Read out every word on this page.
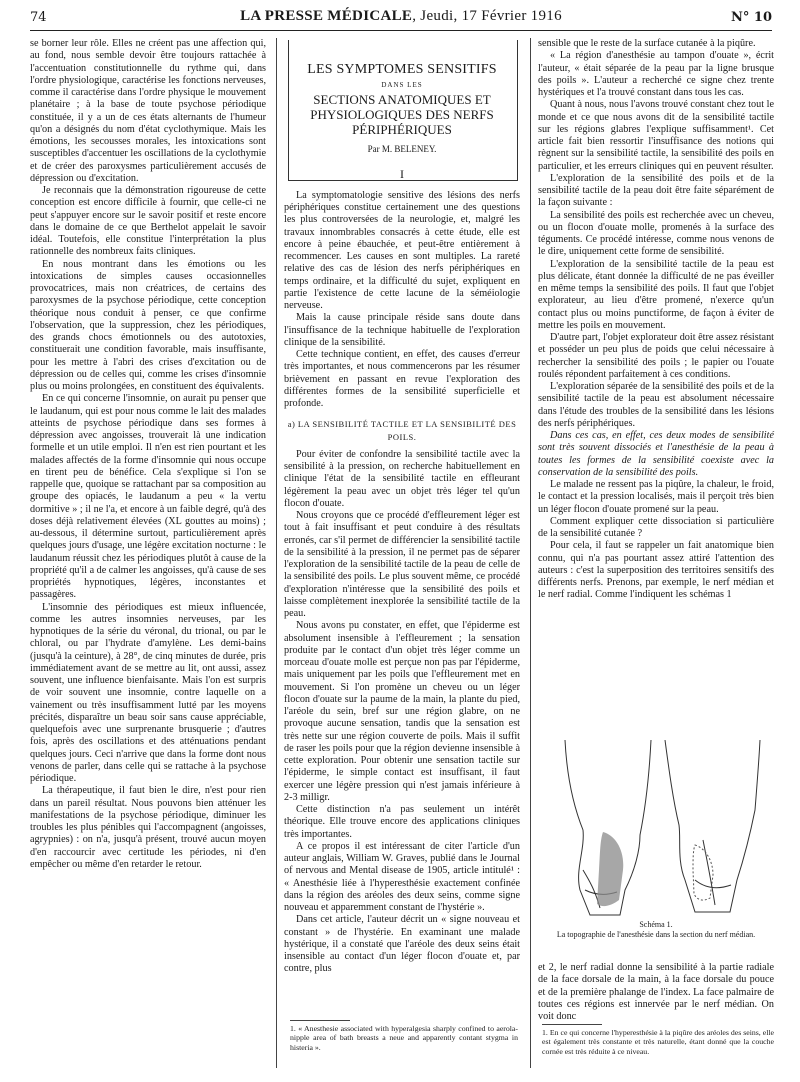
74	LA PRESSE MÉDICALE, Jeudi, 17 Février 1916	N° 10

se borner leur rôle. Elles ne créent pas une affection qui, au fond, nous semble devoir être toujours rattachée à l'accentuation constitutionnelle du rythme qui, dans l'ordre physiologique, caractérise les fonctions nerveuses, comme il caractérise dans l'ordre physique le mouvement planétaire ; à la base de toute psychose périodique constituée, il y a un de ces états alternants de l'humeur qu'on a désignés du nom d'état cyclothymique. Mais les émotions, les secousses morales, les intoxications sont susceptibles d'accentuer les oscillations de la cyclothymie et de créer des paroxysmes particulièrement accusés de dépression ou d'excitation.

Je reconnais que la démonstration rigoureuse de cette conception est encore difficile à fournir, que celle-ci ne peut s'appuyer encore sur le savoir positif et reste encore dans le domaine de ce que Berthelot appelait le savoir idéal. Toutefois, elle constitue l'interprétation la plus rationnelle des nombreux faits cliniques.

En nous montrant dans les émotions ou les intoxications de simples causes occasionnelles provocatrices, mais non créatrices, de certains des paroxysmes de la psychose périodique, cette conception théorique nous conduit à penser, ce que confirme l'observation, que la suppression, chez les périodiques, des grands chocs émotionnels ou des autotoxies, constituerait une condition favorable, mais insuffisante, pour les mettre à l'abri des crises d'excitation ou de dépression ou de celles qui, comme les crises d'insomnie plus ou moins prolongées, en constituent des équivalents.

En ce qui concerne l'insomnie, on aurait pu penser que le laudanum, qui est pour nous comme le lait des malades atteints de psychose périodique dans ses formes à dépression avec angoisses, trouverait là une indication formelle et un utile emploi. Il n'en est rien pourtant et les malades affectés de la forme d'insomnie qui nous occupe en tirent peu de bénéfice. Cela s'explique si l'on se rappelle que, quoique se rattachant par sa composition au groupe des opiacés, le laudanum a peu « la vertu dormitive » ; il ne l'a, et encore à un faible degré, qu'à des doses déjà relativement élevées (XL gouttes au moins) ; au-dessous, il détermine surtout, particulièrement après quelques jours d'usage, une légère excitation nocturne : le laudanum réussit chez les périodiques plutôt à cause de la propriété qu'il a de calmer les angoisses, qu'à cause de ses propriétés hypnotiques, légères, inconstantes et passagères.

L'insomnie des périodiques est mieux influencée, comme les autres insomnies nerveuses, par les hypnotiques de la série du véronal, du trional, ou par le chloral, ou par l'hydrate d'amylène. Les demi-bains (jusqu'à la ceinture), à 28°, de cinq minutes de durée, pris immédiatement avant de se mettre au lit, ont aussi, assez souvent, une influence bienfaisante. Mais l'on est surpris de voir souvent une insomnie, contre laquelle on a vainement ou très insuffisamment lutté par les moyens précités, disparaître un beau soir sans cause appréciable, quelquefois avec une surprenante brusquerie ; d'autres fois, après des oscillations et des atténuations pendant quelques jours. Ceci n'arrive que dans la forme dont nous venons de parler, dans celle qui se rattache à la psychose périodique.

La thérapeutique, il faut bien le dire, n'est pour rien dans un pareil résultat. Nous pouvons bien atténuer les manifestations de la psychose périodique, diminuer les troubles les plus pénibles qui l'accompagnent (angoisses, agrypnies) : on n'a, jusqu'à présent, trouvé aucun moyen d'en raccourcir avec certitude les périodes, ni d'en empêcher ou même d'en retarder le retour.

LES SYMPTOMES SENSITIFS

DANS LES

SECTIONS ANATOMIQUES ET PHYSIOLOGIQUES DES NERFS PÉRIPHÉRIQUES

Par M. BELENEY.

I

La symptomatologie sensitive des lésions des nerfs périphériques constitue certainement une des questions les plus controversées de la neurologie, et, malgré les travaux innombrables consacrés à cette étude, elle est encore à peine ébauchée, et peut-être entièrement à recommencer. Les causes en sont multiples. La rareté relative des cas de lésion des nerfs périphériques en temps ordinaire, et la difficulté du sujet, expliquent en partie l'existence de cette lacune de la séméiologie nerveuse.

Mais la cause principale réside sans doute dans l'insuffisance de la technique habituelle de l'exploration clinique de la sensibilité.

Cette technique contient, en effet, des causes d'erreur très importantes, et nous commencerons par les résumer brièvement en passant en revue l'exploration des différentes formes de la sensibilité superficielle et profonde.

a) LA SENSIBILITÉ TACTILE ET LA SENSIBILITÉ DES POILS.

Pour éviter de confondre la sensibilité tactile avec la sensibilité à la pression, on recherche habituellement en clinique l'état de la sensibilité tactile en effleurant légèrement la peau avec un objet très léger tel qu'un flocon d'ouate.

Nous croyons que ce procédé d'effleurement léger est tout à fait insuffisant et peut conduire à des résultats erronés, car s'il permet de différencier la sensibilité tactile de la sensibilité à la pression, il ne permet pas de séparer l'exploration de la sensibilité tactile de la peau de celle de la sensibilité des poils. Le plus souvent même, ce procédé d'exploration n'intéresse que la sensibilité des poils et laisse complètement inexplorée la sensibilité tactile de la peau.

Nous avons pu constater, en effet, que l'épiderme est absolument insensible à l'effleurement ; la sensation produite par le contact d'un objet très léger comme un morceau d'ouate molle est perçue non pas par l'épiderme, mais uniquement par les poils que l'effleurement met en mouvement. Si l'on promène un cheveu ou un léger flocon d'ouate sur la paume de la main, la plante du pied, l'aréole du sein, bref sur une région glabre, on ne provoque aucune sensation, tandis que la sensation est très nette sur une région couverte de poils. Mais il suffit de raser les poils pour que la région devienne insensible à cette exploration. Pour obtenir une sensation tactile sur l'épiderme, le simple contact est insuffisant, il faut exercer une légère pression qui n'est jamais inférieure à 2-3 milligr.

Cette distinction n'a pas seulement un intérêt théorique. Elle trouve encore des applications cliniques très importantes.

A ce propos il est intéressant de citer l'article d'un auteur anglais, William W. Graves, publié dans le Journal of nervous and Mental disease de 1905, article intitulé¹ : « Anesthésie liée à l'hyperesthésie exactement confinée dans la région des aréoles des deux seins, comme signe nouveau et apparemment constant de l'hystérie ».

Dans cet article, l'auteur décrit un « signe nouveau et constant » de l'hystérie. En examinant une malade hystérique, il a constaté que l'aréole des deux seins était insensible au contact d'un léger flocon d'ouate et, par contre, plus

1. « Anesthesie associated with hyperalgesia sharply confined to aerola-nipple area of bath breasts a neue and apparently contant stygma in histeria ».

sensible que le reste de la surface cutanée à la piqûre.

« La région d'anesthésie au tampon d'ouate », écrit l'auteur, « était séparée de la peau par la ligne brusque des poils ». L'auteur a recherché ce signe chez trente hystériques et l'a trouvé constant dans tous les cas.

Quant à nous, nous l'avons trouvé constant chez tout le monde et ce que nous avons dit de la sensibilité tactile sur les régions glabres l'explique suffisamment¹. Cet article fait bien ressortir l'insuffisance des notions qui règnent sur la sensibilité tactile, la sensibilité des poils en particulier, et les erreurs cliniques qui en peuvent résulter.

L'exploration de la sensibilité des poils et de la sensibilité tactile de la peau doit être faite séparément de la façon suivante :

La sensibilité des poils est recherchée avec un cheveu, ou un flocon d'ouate molle, promenés à la surface des téguments. Ce procédé intéresse, comme nous venons de le dire, uniquement cette forme de sensibilité.

L'exploration de la sensibilité tactile de la peau est plus délicate, étant donnée la difficulté de ne pas éveiller en même temps la sensibilité des poils. Il faut que l'objet explorateur, au lieu d'être promené, n'exerce qu'un contact plus ou moins punctiforme, de façon à éviter de mettre les poils en mouvement.

D'autre part, l'objet explorateur doit être assez résistant et posséder un peu plus de poids que celui nécessaire à rechercher la sensibilité des poils ; le papier ou l'ouate roulés répondent parfaitement à ces conditions.

L'exploration séparée de la sensibilité des poils et de la sensibilité tactile de la peau est absolument nécessaire dans l'étude des troubles de la sensibilité dans les lésions des nerfs périphériques.

Dans ces cas, en effet, ces deux modes de sensibilité sont très souvent dissociés et l'anesthésie de la peau à toutes les formes de la sensibilité coexiste avec la conservation de la sensibilité des poils.

Le malade ne ressent pas la piqûre, la chaleur, le froid, le contact et la pression localisés, mais il perçoit très bien un léger flocon d'ouate promené sur la peau.

Comment expliquer cette dissociation si particulière de la sensibilité cutanée ?

Pour cela, il faut se rappeler un fait anatomique bien connu, qui n'a pas pourtant assez attiré l'attention des auteurs : c'est la superposition des territoires sensitifs des différents nerfs. Prenons, par exemple, le nerf médian et le nerf radial. Comme l'indiquent les schémas 1

Schéma 1.
La topographie de l'anesthésie dans la section du nerf médian.

et 2, le nerf radial donne la sensibilité à la partie radiale de la face dorsale de la main, à la face dorsale du pouce et de la première phalange de l'index. La face palmaire de toutes ces régions est innervée par le nerf médian. On voit donc

1. En ce qui concerne l'hyperesthésie à la piqûre des aréoles des seins, elle est également très constante et très naturelle, étant donné que la couche cornée est très réduite à ce niveau.
